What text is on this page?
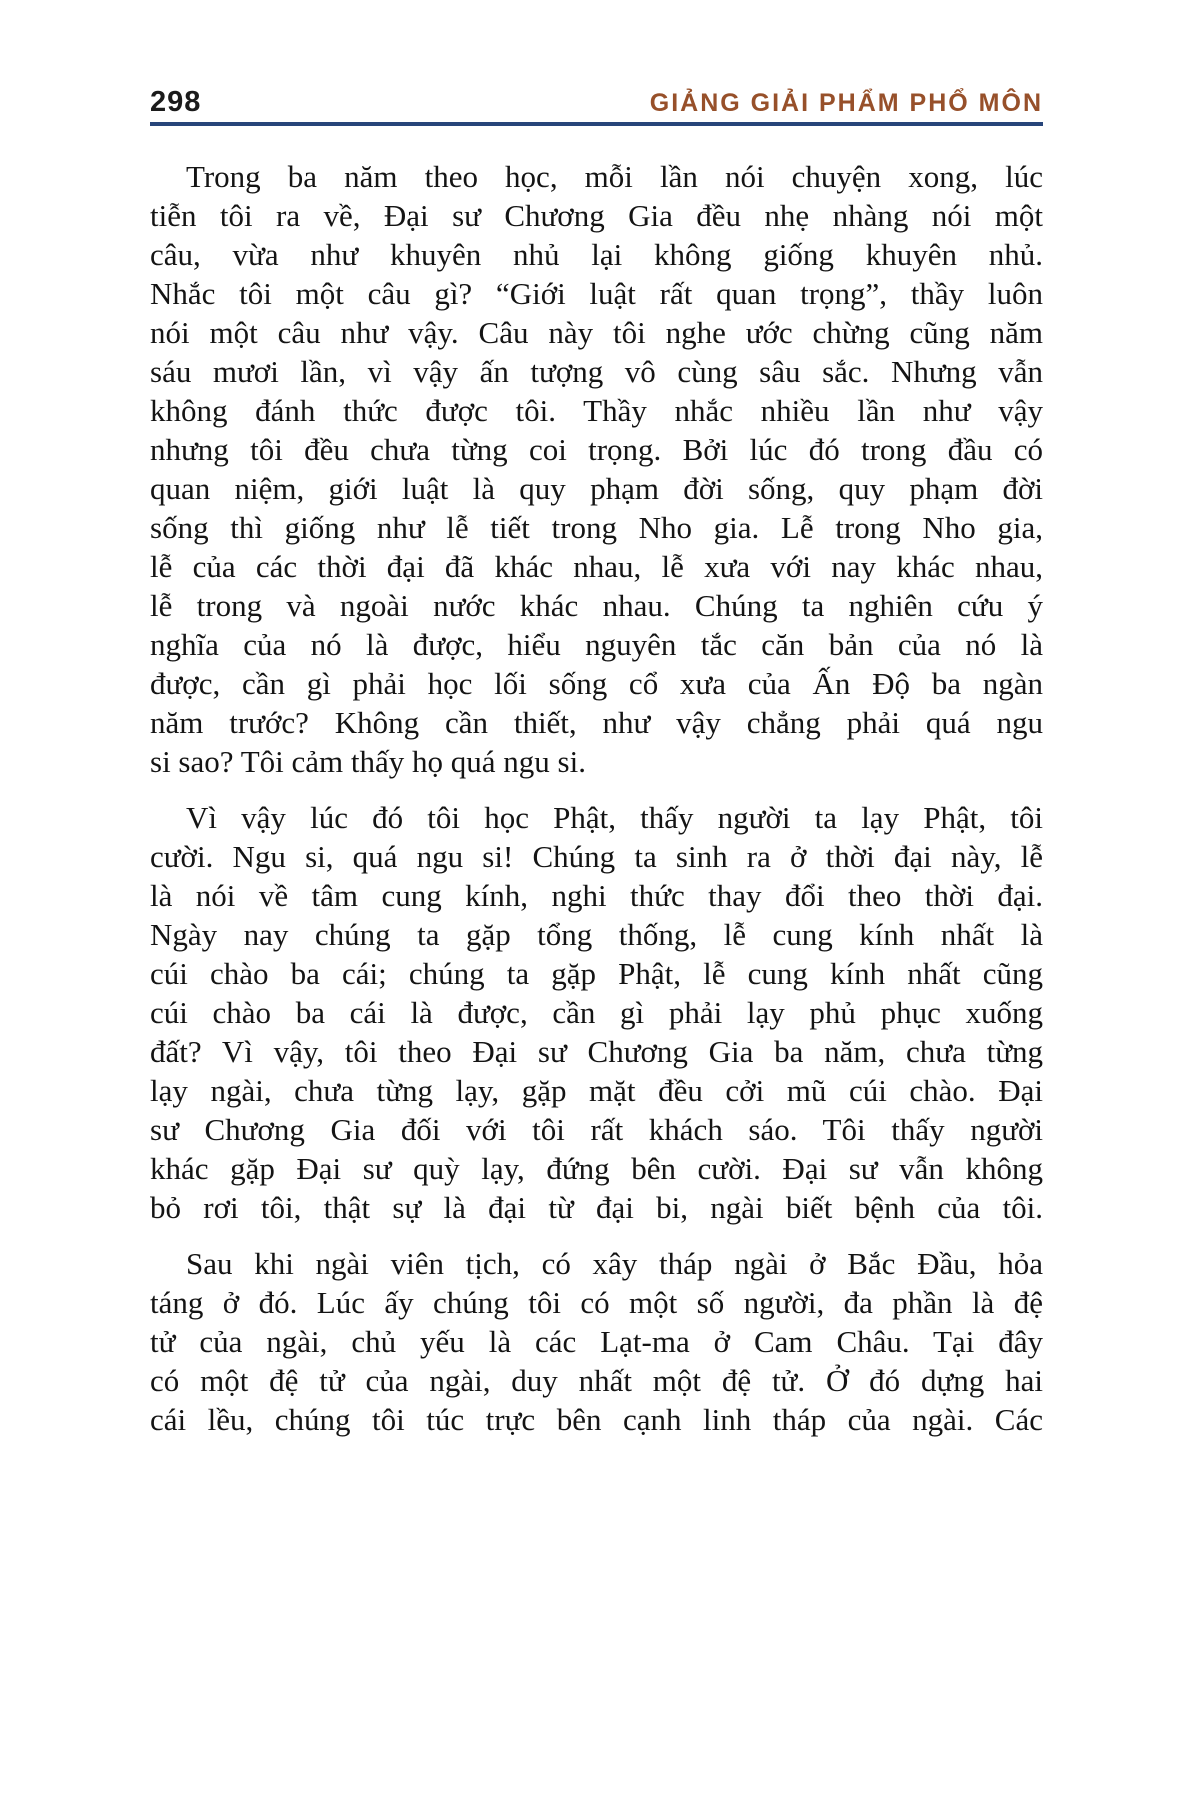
298	GIẢNG GIẢI PHẨM PHỔ MÔN

Trong ba năm theo học, mỗi lần nói chuyện xong, lúc
tiễn tôi ra về, Đại sư Chương Gia đều nhẹ nhàng nói một
câu, vừa như khuyên nhủ lại không giống khuyên nhủ.
Nhắc tôi một câu gì? “Giới luật rất quan trọng”, thầy luôn
nói một câu như vậy. Câu này tôi nghe ước chừng cũng năm
sáu mươi lần, vì vậy ấn tượng vô cùng sâu sắc. Nhưng vẫn
không đánh thức được tôi. Thầy nhắc nhiều lần như vậy
nhưng tôi đều chưa từng coi trọng. Bởi lúc đó trong đầu có
quan niệm, giới luật là quy phạm đời sống, quy phạm đời
sống thì giống như lễ tiết trong Nho gia. Lễ trong Nho gia,
lễ của các thời đại đã khác nhau, lễ xưa với nay khác nhau,
lễ trong và ngoài nước khác nhau. Chúng ta nghiên cứu ý
nghĩa của nó là được, hiểu nguyên tắc căn bản của nó là
được, cần gì phải học lối sống cổ xưa của Ấn Độ ba ngàn
năm trước? Không cần thiết, như vậy chẳng phải quá ngu
si sao? Tôi cảm thấy họ quá ngu si.

Vì vậy lúc đó tôi học Phật, thấy người ta lạy Phật, tôi
cười. Ngu si, quá ngu si! Chúng ta sinh ra ở thời đại này, lễ
là nói về tâm cung kính, nghi thức thay đổi theo thời đại.
Ngày nay chúng ta gặp tổng thống, lễ cung kính nhất là
cúi chào ba cái; chúng ta gặp Phật, lễ cung kính nhất cũng
cúi chào ba cái là được, cần gì phải lạy phủ phục xuống
đất? Vì vậy, tôi theo Đại sư Chương Gia ba năm, chưa từng
lạy ngài, chưa từng lạy, gặp mặt đều cởi mũ cúi chào. Đại
sư Chương Gia đối với tôi rất khách sáo. Tôi thấy người
khác gặp Đại sư quỳ lạy, đứng bên cười. Đại sư vẫn không
bỏ rơi tôi, thật sự là đại từ đại bi, ngài biết bệnh của tôi.

Sau khi ngài viên tịch, có xây tháp ngài ở Bắc Đầu, hỏa
táng ở đó. Lúc ấy chúng tôi có một số người, đa phần là đệ
tử của ngài, chủ yếu là các Lạt-ma ở Cam Châu. Tại đây
có một đệ tử của ngài, duy nhất một đệ tử. Ở đó dựng hai
cái lều, chúng tôi túc trực bên cạnh linh tháp của ngài. Các
